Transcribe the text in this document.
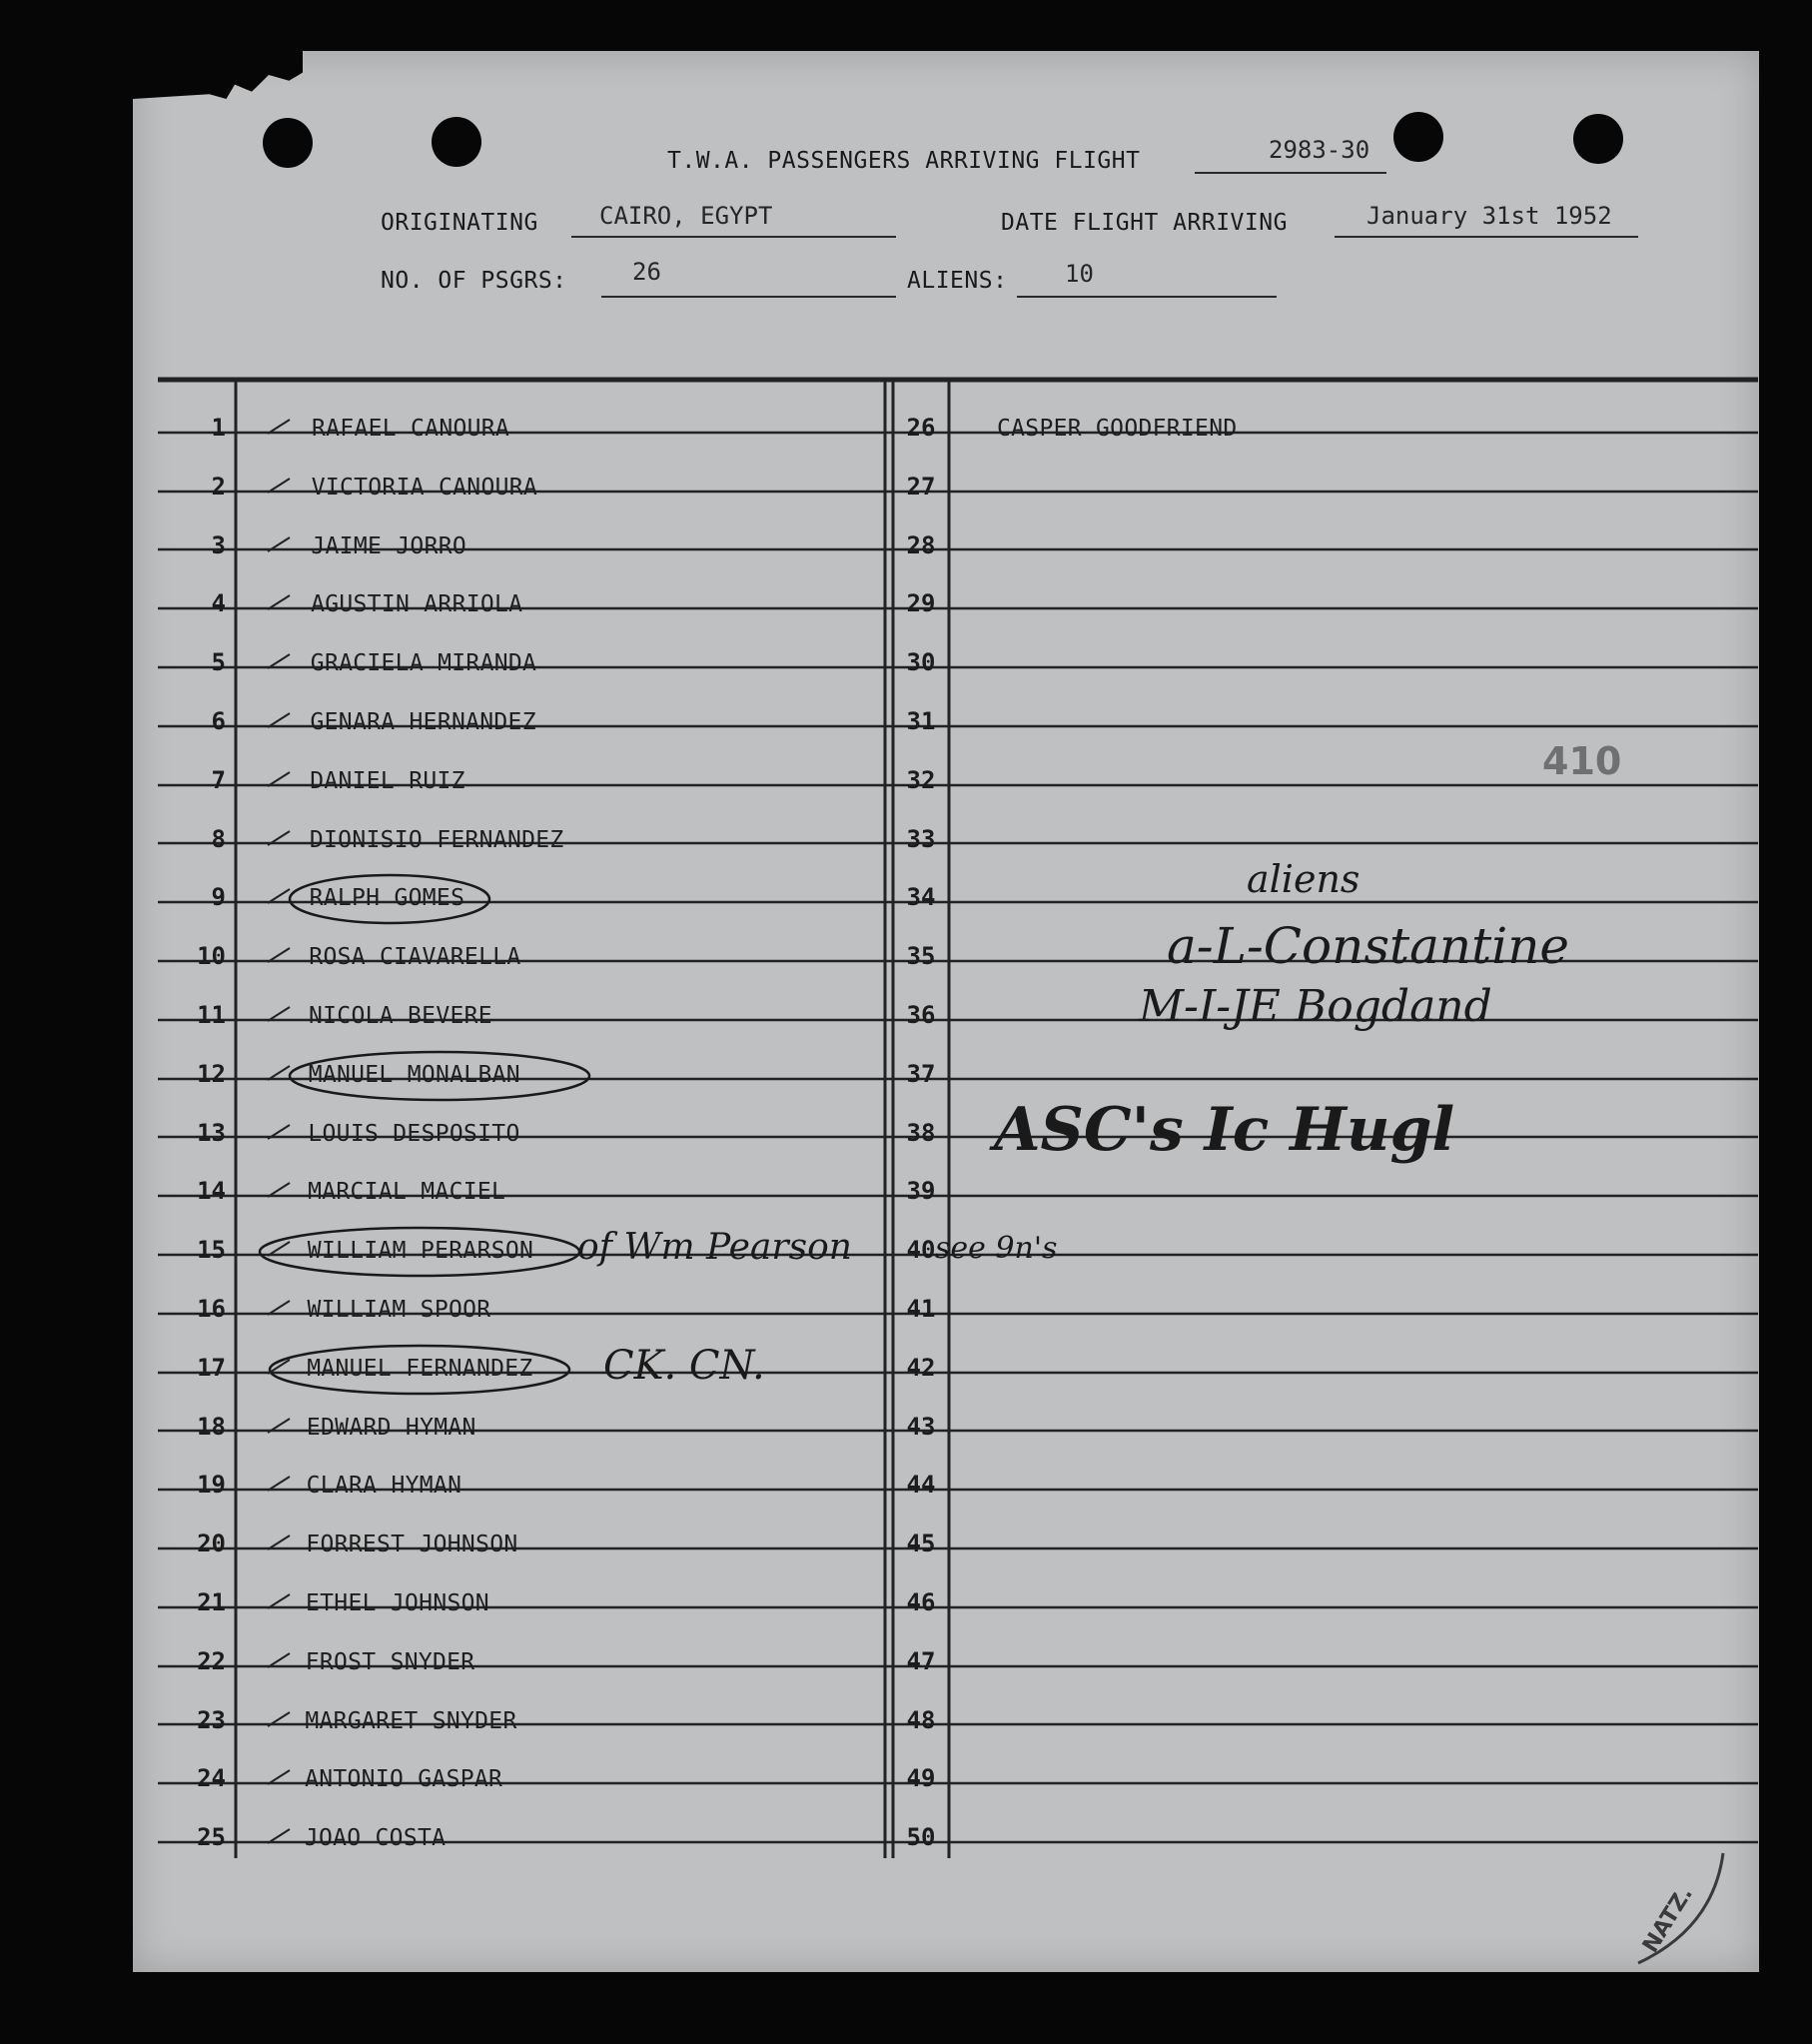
T.W.A. PASSENGERS ARRIVING FLIGHT	2983-30
ORIGINATING	CAIRO, EGYPT	DATE FLIGHT ARRIVING	January 31st 1952
NO. OF PSGRS:	26	ALIENS: 10
1	RAFAEL CANOURA
2	VICTORIA CANOURA
3	JAIME JORRO
4	AGUSTIN ARRIOLA
5	GRACIELA MIRANDA
6	GENARA HERNANDEZ
7	DANIEL RUIZ
8	DIONISIO FERNANDEZ
9	RALPH GOMES
10	ROSA CIAVARELLA
11	NICOLA BEVERE
12	MANUEL MONALBAN
13	LOUIS DESPOSITO
14	MARCIAL MACIEL
15	WILLIAM PERARSON
16	WILLIAM SPOOR
17	MANUEL FERNANDEZ
18	EDWARD HYMAN
19	CLARA HYMAN
20	FORREST JOHNSON
21	ETHEL JOHNSON
22	FROST SNYDER
23	MARGARET SNYDER
24	ANTONIO GASPAR
25	JOAO COSTA
26	CASPER GOODFRIEND
27
28
29
30
31
32
33
34
35
36
37
38
39
40
41
42
43
44
45
46
47
48
49
50
410
aliens
a-L-Constantine
M-I-JE Bogdand
ASC's Ic Hugl
of Wm Pearson	see 9n's
CK. CN.
NATZ.
